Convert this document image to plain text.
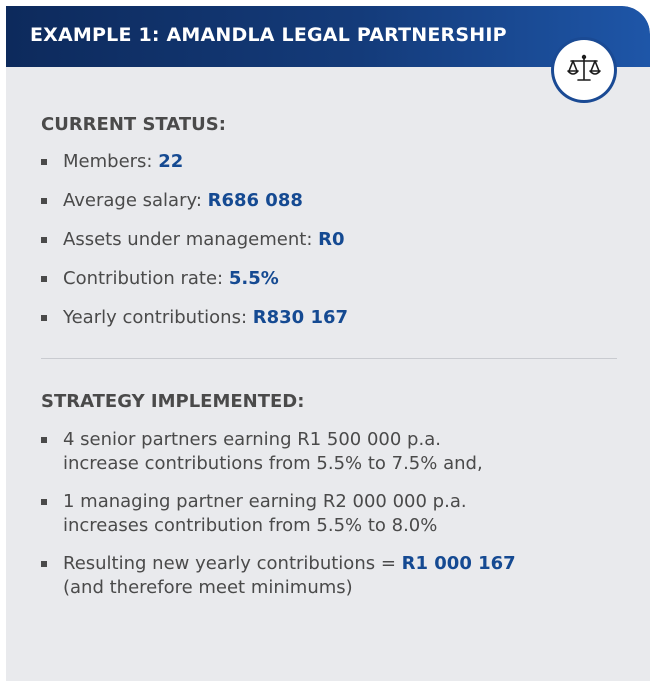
EXAMPLE 1: AMANDLA LEGAL PARTNERSHIP
CURRENT STATUS:
Members: 22
Average salary: R686 088
Assets under management: R0
Contribution rate: 5.5%
Yearly contributions: R830 167
STRATEGY IMPLEMENTED:
4 senior partners earning R1 500 000 p.a.
increase contributions from 5.5% to 7.5% and,
1 managing partner earning R2 000 000 p.a.
increases contribution from 5.5% to 8.0%
Resulting new yearly contributions = R1 000 167
(and therefore meet minimums)
